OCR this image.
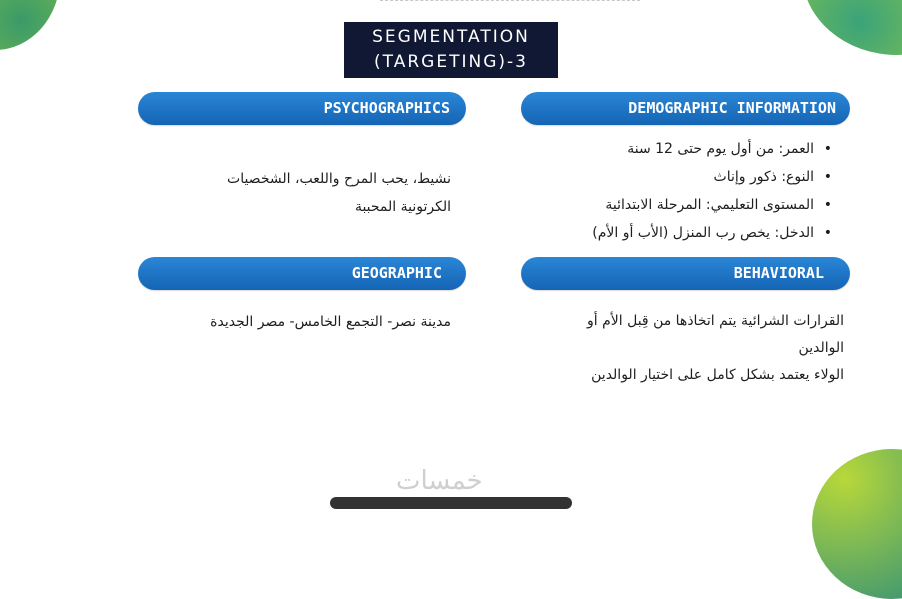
SEGMENTATION
(TARGETING)-3
PSYCHOGRAPHICS
نشيط، يحب المرح واللعب، الشخصيات
الكرتونية المحببة
DEMOGRAPHIC INFORMATION
• العمر: من أول يوم حتى 12 سنة
• النوع: ذكور وإناث
• المستوى التعليمي: المرحلة الابتدائية
• الدخل: يخص رب المنزل (الأب أو الأم)
GEOGRAPHIC
مدينة نصر- التجمع الخامس- مصر الجديدة
BEHAVIORAL
القرارات الشرائية يتم اتخاذها من قِبل الأم أو
الوالدين
الولاء يعتمد بشكل كامل على اختيار الوالدين
خمسات
